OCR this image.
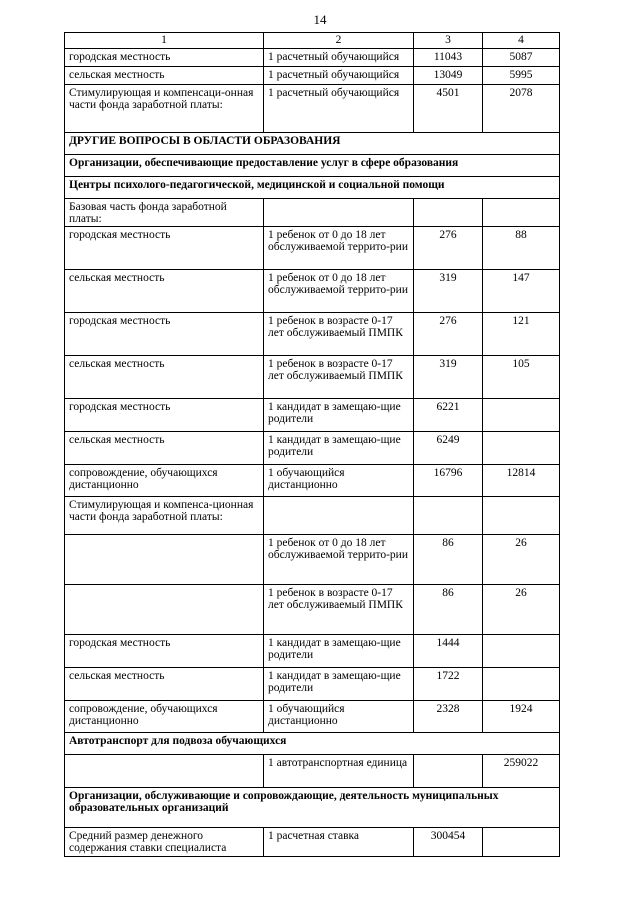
14
1	2	3	4
городская местность	1 расчетный обучающийся	11043	5087
сельская местность	1 расчетный обучающийся	13049	5995
Стимулирующая и компенсаци-онная части фонда заработной платы:	1 расчетный обучающийся	4501	2078
ДРУГИЕ ВОПРОСЫ В ОБЛАСТИ ОБРАЗОВАНИЯ			
Организации, обеспечивающие предоставление услуг в сфере образования			
Центры психолого-педагогической, медицинской и социальной помощи			
Базовая часть фонда заработной платы:			
городская местность	1 ребенок от 0 до 18 лет обслуживаемой террито-рии	276	88
сельская местность	1 ребенок от 0 до 18 лет обслуживаемой террито-рии	319	147
городская местность	1 ребенок в возрасте 0-17 лет обслуживаемый ПМПК	276	121
сельская местность	1 ребенок в возрасте 0-17 лет обслуживаемый ПМПК	319	105
городская местность	1 кандидат в замещаю-щие родители	6221	
сельская местность	1 кандидат в замещаю-щие родители	6249	
сопровождение, обучающихся дистанционно	1 обучающийся дистанционно	16796	12814
Стимулирующая и компенса-ционная части фонда заработной платы:			
	1 ребенок от 0 до 18 лет обслуживаемой террито-рии	86	26
	1 ребенок в возрасте 0-17 лет обслуживаемый ПМПК	86	26
городская местность	1 кандидат в замещаю-щие родители	1444	
сельская местность	1 кандидат в замещаю-щие родители	1722	
сопровождение, обучающихся дистанционно	1 обучающийся дистанционно	2328	1924
Автотранспорт для подвоза обучающихся			
	1 автотранспортная единица		259022
Организации, обслуживающие и сопровождающие, деятельность муниципальных образовательных организаций			
Средний размер денежного содержания ставки специалиста	1 расчетная ставка	300454	
